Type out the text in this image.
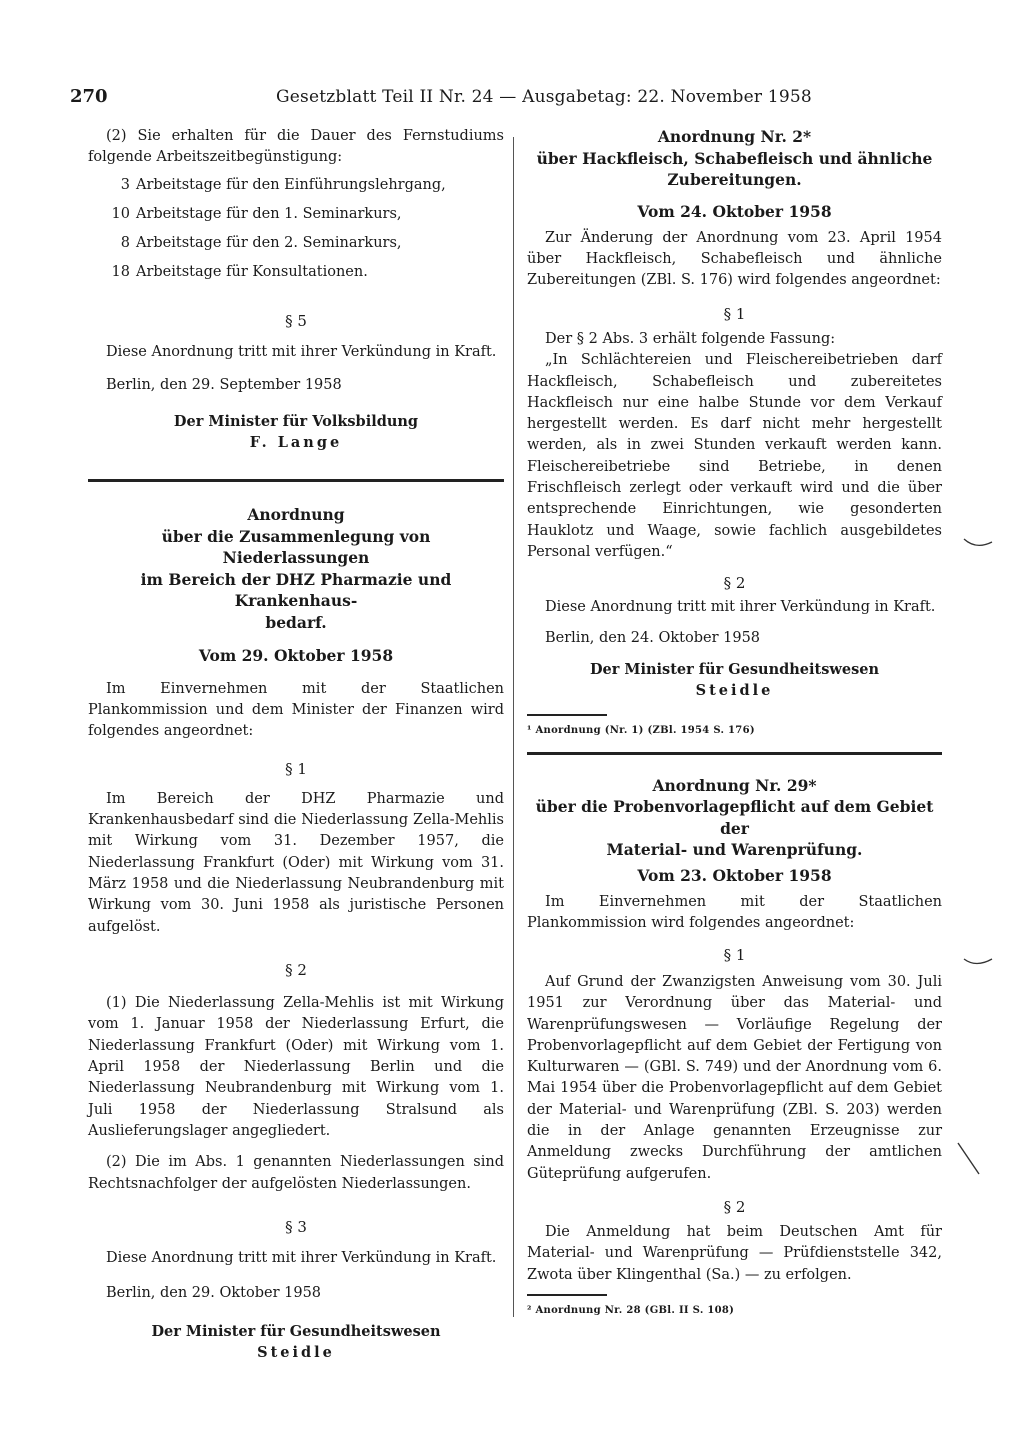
270	Gesetzblatt Teil II Nr. 24 — Ausgabetag: 22. November 1958

(2) Sie erhalten für die Dauer des Fernstudiums folgende Arbeitszeitbegünstigung:

3 Arbeitstage für den Einführungslehrgang,
10 Arbeitstage für den 1. Seminarkurs,
8 Arbeitstage für den 2. Seminarkurs,
18 Arbeitstage für Konsultationen.

§ 5

Diese Anordnung tritt mit ihrer Verkündung in Kraft.

Berlin, den 29. September 1958

Der Minister für Volksbildung

F. Lange

Anordnung

über die Zusammenlegung von Niederlassungen

im Bereich der DHZ Pharmazie und Krankenhaus-

bedarf.

Vom 29. Oktober 1958

Im Einvernehmen mit der Staatlichen Plankommission und dem Minister der Finanzen wird folgendes angeordnet:

§ 1

Im Bereich der DHZ Pharmazie und Krankenhausbedarf sind die Niederlassung Zella-Mehlis mit Wirkung vom 31. Dezember 1957, die Niederlassung Frankfurt (Oder) mit Wirkung vom 31. März 1958 und die Niederlassung Neubrandenburg mit Wirkung vom 30. Juni 1958 als juristische Personen aufgelöst.

§ 2

(1) Die Niederlassung Zella-Mehlis ist mit Wirkung vom 1. Januar 1958 der Niederlassung Erfurt, die Niederlassung Frankfurt (Oder) mit Wirkung vom 1. April 1958 der Niederlassung Berlin und die Niederlassung Neubrandenburg mit Wirkung vom 1. Juli 1958 der Niederlassung Stralsund als Auslieferungslager angegliedert.

(2) Die im Abs. 1 genannten Niederlassungen sind Rechtsnachfolger der aufgelösten Niederlassungen.

§ 3

Diese Anordnung tritt mit ihrer Verkündung in Kraft.

Berlin, den 29. Oktober 1958

Der Minister für Gesundheitswesen

Steidle

Anordnung Nr. 2*

über Hackfleisch, Schabefleisch und ähnliche

Zubereitungen.

Vom 24. Oktober 1958

Zur Änderung der Anordnung vom 23. April 1954 über Hackfleisch, Schabefleisch und ähnliche Zubereitungen (ZBl. S. 176) wird folgendes angeordnet:

§ 1

Der § 2 Abs. 3 erhält folgende Fassung:

„In Schlächtereien und Fleischereibetrieben darf Hackfleisch, Schabefleisch und zubereitetes Hackfleisch nur eine halbe Stunde vor dem Verkauf hergestellt werden. Es darf nicht mehr hergestellt werden, als in zwei Stunden verkauft werden kann. Fleischereibetriebe sind Betriebe, in denen Frischfleisch zerlegt oder verkauft wird und die über entsprechende Einrichtungen, wie gesonderten Hauklotz und Waage, sowie fachlich ausgebildetes Personal verfügen.“

§ 2

Diese Anordnung tritt mit ihrer Verkündung in Kraft.

Berlin, den 24. Oktober 1958

Der Minister für Gesundheitswesen

Steidle

¹ Anordnung (Nr. 1) (ZBl. 1954 S. 176)

Anordnung Nr. 29*

über die Probenvorlagepflicht auf dem Gebiet der

Material- und Warenprüfung.

Vom 23. Oktober 1958

Im Einvernehmen mit der Staatlichen Plankommission wird folgendes angeordnet:

§ 1

Auf Grund der Zwanzigsten Anweisung vom 30. Juli 1951 zur Verordnung über das Material- und Warenprüfungswesen — Vorläufige Regelung der Probenvorlagepflicht auf dem Gebiet der Fertigung von Kulturwaren — (GBl. S. 749) und der Anordnung vom 6. Mai 1954 über die Probenvorlagepflicht auf dem Gebiet der Material- und Warenprüfung (ZBl. S. 203) werden die in der Anlage genannten Erzeugnisse zur Anmeldung zwecks Durchführung der amtlichen Güteprüfung aufgerufen.

§ 2

Die Anmeldung hat beim Deutschen Amt für Material- und Warenprüfung — Prüfdienststelle 342, Zwota über Klingenthal (Sa.) — zu erfolgen.

² Anordnung Nr. 28 (GBl. II S. 108)
